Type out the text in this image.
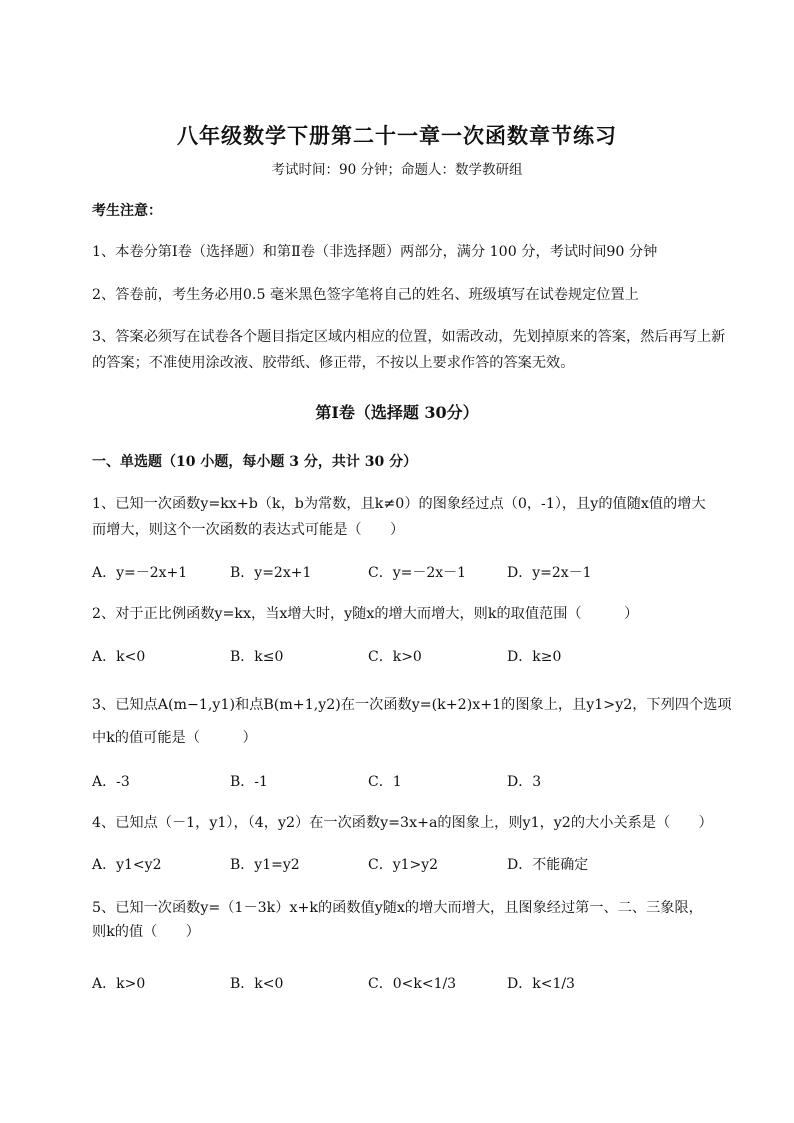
八年级数学下册第二十一章一次函数章节练习
考试时间：90 分钟；命题人：数学教研组
考生注意：
1、本卷分第Ⅰ卷（选择题）和第Ⅱ卷（非选择题）两部分，满分 100 分，考试时间90 分钟
2、答卷前，考生务必用0.5 毫米黑色签字笔将自己的姓名、班级填写在试卷规定位置上
3、答案必须写在试卷各个题目指定区域内相应的位置，如需改动，先划掉原来的答案，然后再写上新
的答案；不准使用涂改液、胶带纸、修正带，不按以上要求作答的答案无效。
第Ⅰ卷（选择题 30分）
一、单选题（10 小题，每小题 3 分，共计 30 分）
1、已知一次函数y=kx+b（k，b为常数，且k≠0）的图象经过点（0，-1），且y的值随x值的增大
而增大，则这个一次函数的表达式可能是（　　）
A．y=－2x+1	B．y=2x+1	C．y=－2x－1	D．y=2x－1
2、对于正比例函数y=kx，当x增大时，y随x的增大而增大，则k的取值范围（　　　）
A．k<0	B．k≤0	C．k>0	D．k≥0
3、已知点A(m−1,y1)和点B(m+1,y2)在一次函数y=(k+2)x+1的图象上，且y1>y2，下列四个选项
中k的值可能是（　　　）
A．-3	B．-1	C．1	D．3
4、已知点（－1，y1），（4，y2）在一次函数y=3x+a的图象上，则y1，y2的大小关系是（　　）
A．y1<y2	B．y1=y2	C．y1>y2	D．不能确定
5、已知一次函数y=（1－3k）x+k的函数值y随x的增大而增大，且图象经过第一、二、三象限，
则k的值（　　）
A．k>0	B．k<0	C．0<k<1/3	D．k<1/3
